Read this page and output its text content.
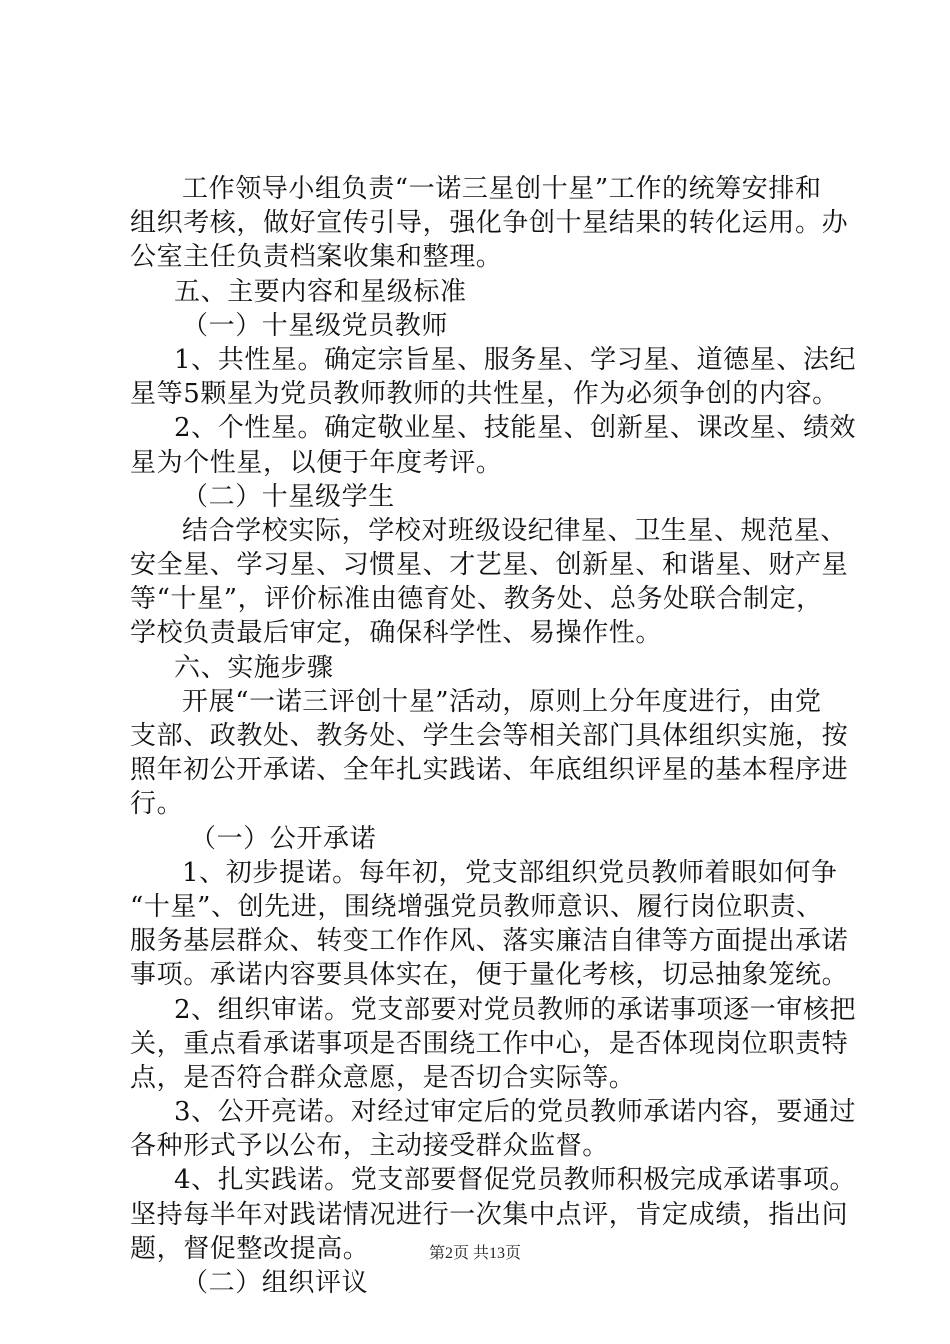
工作领导小组负责“一诺三星创十星”工作的统筹安排和
组织考核，做好宣传引导，强化争创十星结果的转化运用。办
公室主任负责档案收集和整理。
五、主要内容和星级标准
（一）十星级党员教师
1、共性星。确定宗旨星、服务星、学习星、道德星、法纪
星等5颗星为党员教师教师的共性星，作为必须争创的内容。
2、个性星。确定敬业星、技能星、创新星、课改星、绩效
星为个性星，以便于年度考评。
（二）十星级学生
结合学校实际，学校对班级设纪律星、卫生星、规范星、
安全星、学习星、习惯星、才艺星、创新星、和谐星、财产星
等“十星”，评价标准由德育处、教务处、总务处联合制定，
学校负责最后审定，确保科学性、易操作性。
六、实施步骤
开展“一诺三评创十星”活动，原则上分年度进行，由党
支部、政教处、教务处、学生会等相关部门具体组织实施，按
照年初公开承诺、全年扎实践诺、年底组织评星的基本程序进
行。
（一）公开承诺
1、初步提诺。每年初，党支部组织党员教师着眼如何争
“十星”、创先进，围绕增强党员教师意识、履行岗位职责、
服务基层群众、转变工作作风、落实廉洁自律等方面提出承诺
事项。承诺内容要具体实在，便于量化考核，切忌抽象笼统。
2、组织审诺。党支部要对党员教师的承诺事项逐一审核把
关，重点看承诺事项是否围绕工作中心，是否体现岗位职责特
点，是否符合群众意愿，是否切合实际等。
3、公开亮诺。对经过审定后的党员教师承诺内容，要通过
各种形式予以公布，主动接受群众监督。
4、扎实践诺。党支部要督促党员教师积极完成承诺事项。
坚持每半年对践诺情况进行一次集中点评，肯定成绩，指出问
题，督促整改提高。
（二）组织评议
第2页 共13页
